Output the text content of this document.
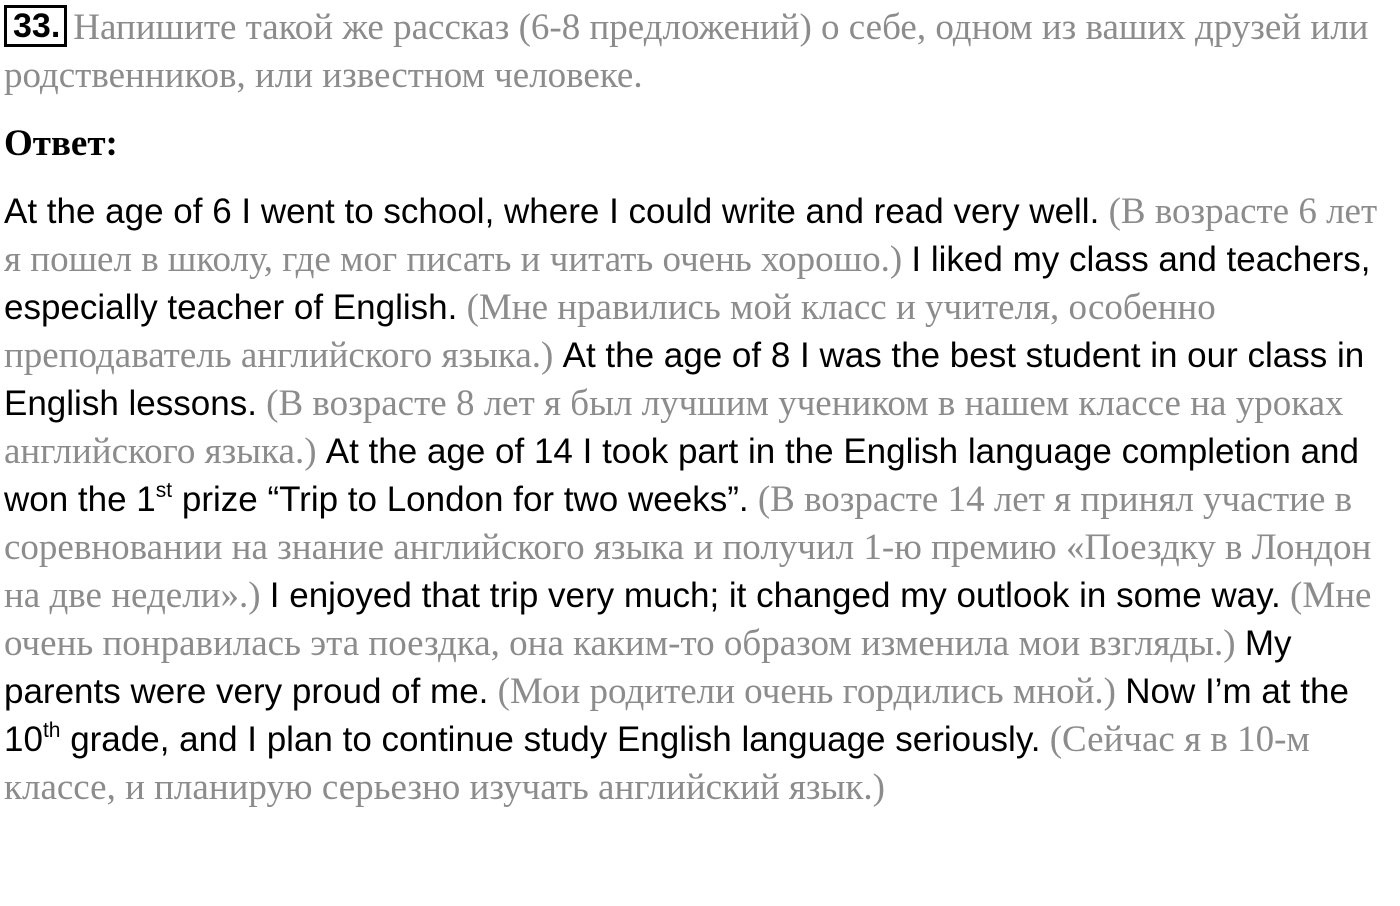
33. Напишите такой же рассказ (6-8 предложений) о себе, одном из ваших друзей или родственников, или известном человеке.

Ответ:

At the age of 6 I went to school, where I could write and read very well. (В возрасте 6 лет я пошел в школу, где мог писать и читать очень хорошо.) I liked my class and teachers, especially teacher of English. (Мне нравились мой класс и учителя, особенно преподаватель английского языка.) At the age of 8 I was the best student in our class in English lessons. (В возрасте 8 лет я был лучшим учеником в нашем классе на уроках английского языка.) At the age of 14 I took part in the English language completion and won the 1st prize “Trip to London for two weeks”. (В возрасте 14 лет я принял участие в соревновании на знание английского языка и получил 1-ю премию «Поездку в Лондон на две недели».) I enjoyed that trip very much; it changed my outlook in some way. (Мне очень понравилась эта поездка, она каким-то образом изменила мои взгляды.) My parents were very proud of me. (Мои родители очень гордились мной.) Now I’m at the 10th grade, and I plan to continue study English language seriously. (Сейчас я в 10-м классе, и планирую серьезно изучать английский язык.)
